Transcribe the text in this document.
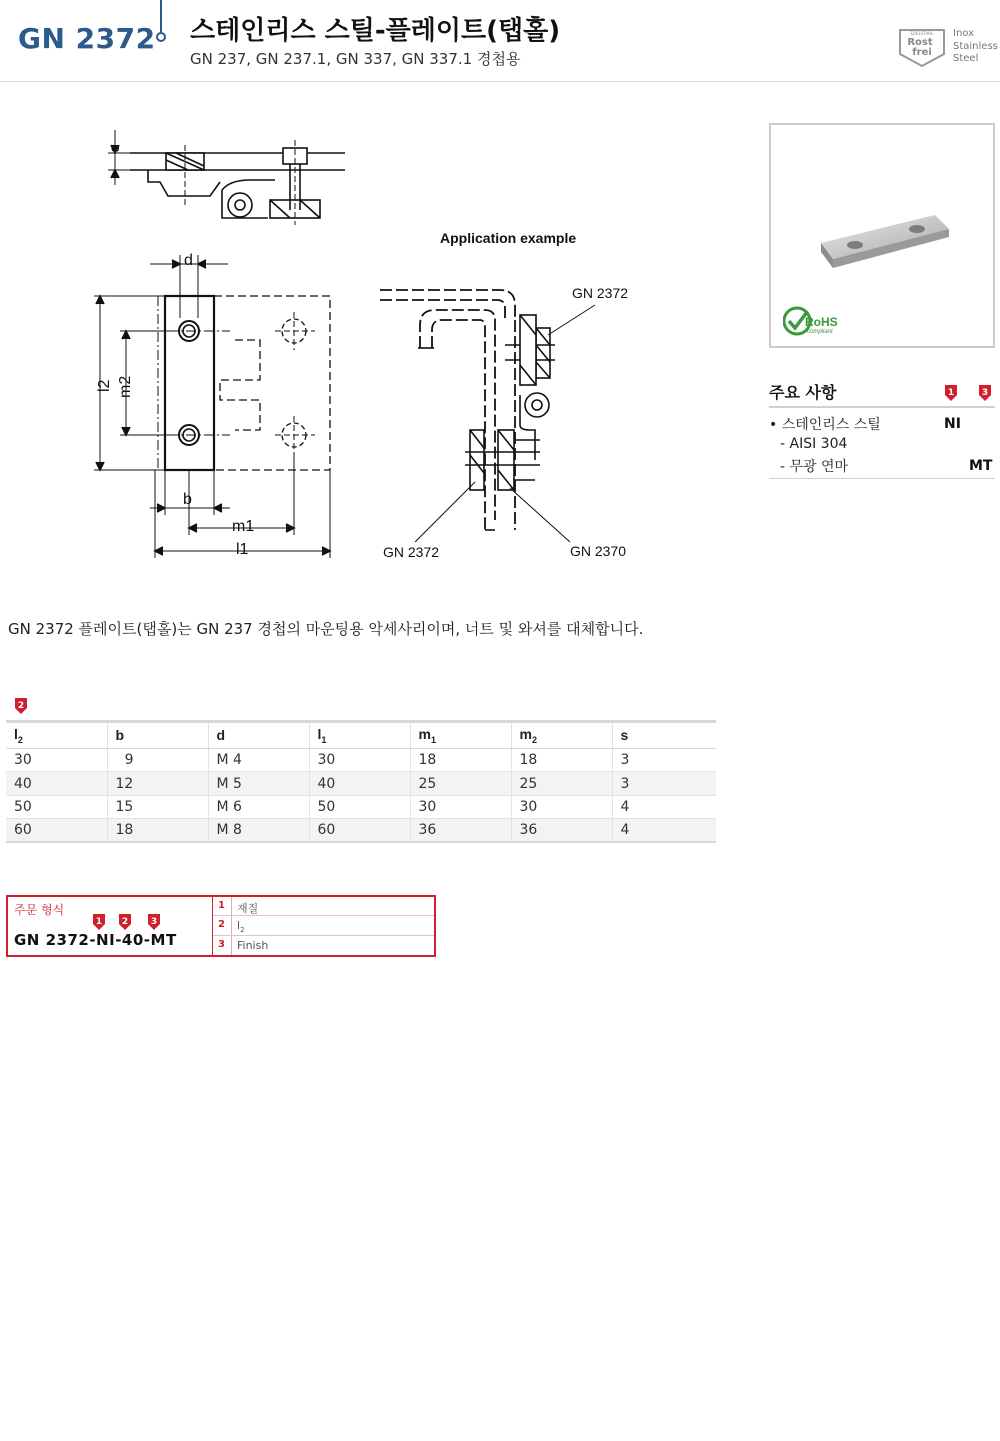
GN 2372 스테인리스 스틸-플레이트(탭홀)
GN 237, GN 237.1, GN 337, GN 337.1 경첩용
EDELSTAHL
Rost
frei
Inox
Stainless
Steel
s
d
l2 m2
b
m1
l1
Application example
GN 2372
GN 2372	GN 2370
RoHS
compliant
주요 사항	1	3
• 스테인리스 스틸	NI
- AISI 304
- 무광 연마	MT
GN 2372 플레이트(탭홀)는 GN 237 경첩의 마운팅용 악세사리이며, 너트 및 와셔를 대체합니다.
2
$l_2$	b	d	$l_1$	$m_1$	$m_2$	s
30	9	M 4	30	18	18	3
40	12	M 5	40	25	25	3
50	15	M 6	50	30	30	4
60	18	M 8	60	36	36	4
주문 형식
1 2	3
GN 2372-NI-40-MT
1 재질
2 $l_2$
3 Finish
